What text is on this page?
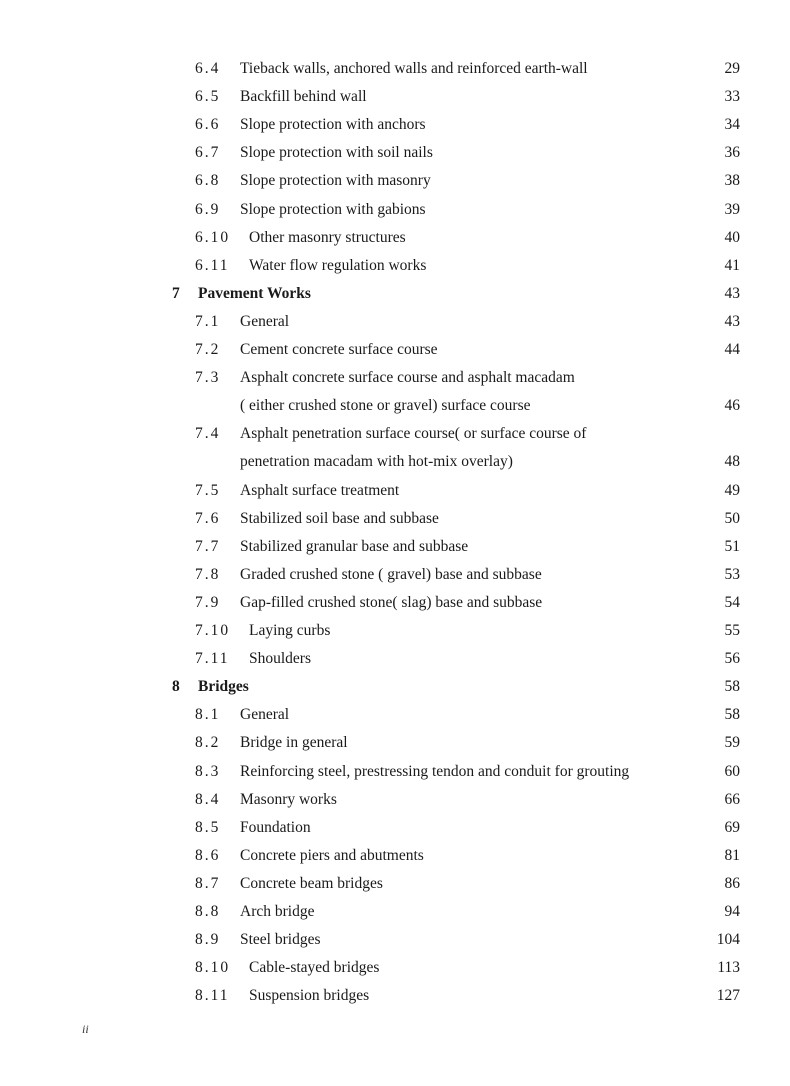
6.4 Tieback walls, anchored walls and reinforced earth-wall	29
6.5 Backfill behind wall	33
6.6 Slope protection with anchors	34
6.7 Slope protection with soil nails	36
6.8 Slope protection with masonry	38
6.9 Slope protection with gabions	39
6.10 Other masonry structures	40
6.11 Water flow regulation works	41
7 Pavement Works	43
7.1 General	43
7.2 Cement concrete surface course	44
7.3 Asphalt concrete surface course and asphalt macadam
( either crushed stone or gravel) surface course	46
7.4 Asphalt penetration surface course( or surface course of
penetration macadam with hot-mix overlay)	48
7.5 Asphalt surface treatment	49
7.6 Stabilized soil base and subbase	50
7.7 Stabilized granular base and subbase	51
7.8 Graded crushed stone ( gravel) base and subbase	53
7.9 Gap-filled crushed stone( slag) base and subbase	54
7.10 Laying curbs	55
7.11 Shoulders	56
8 Bridges	58
8.1 General	58
8.2 Bridge in general	59
8.3 Reinforcing steel, prestressing tendon and conduit for grouting	60
8.4 Masonry works	66
8.5 Foundation	69
8.6 Concrete piers and abutments	81
8.7 Concrete beam bridges	86
8.8 Arch bridge	94
8.9 Steel bridges	104
8.10 Cable-stayed bridges	113
8.11 Suspension bridges	127
ii
